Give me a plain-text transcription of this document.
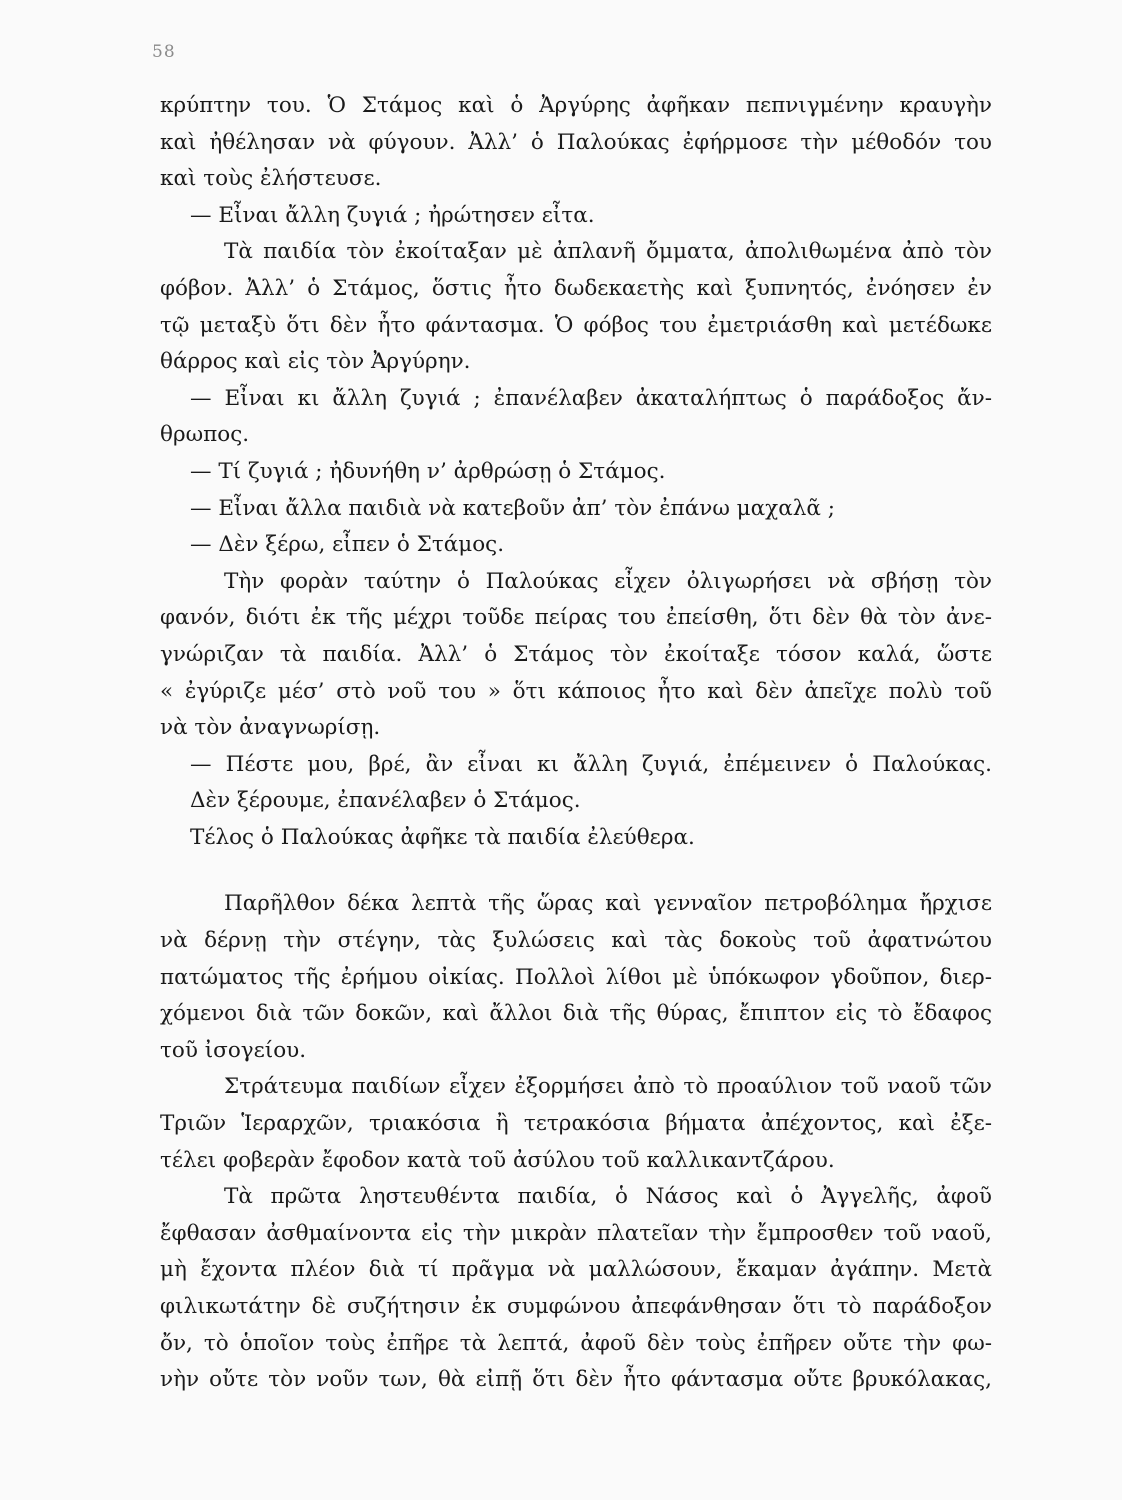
58
κρύπτην του. Ὁ Στάμος καὶ ὁ Ἀργύρης ἀφῆκαν πεπνιγμένην κραυγὴν
καὶ ἠθέλησαν νὰ φύγουν. Ἀλλ’ ὁ Παλούκας ἐφήρμοσε τὴν μέθοδόν του
καὶ τοὺς ἐλήστευσε.
— Εἶναι ἄλλη ζυγιά ; ἠρώτησεν εἶτα.
Τὰ παιδία τὸν ἐκοίταξαν μὲ ἀπλανῆ ὄμματα, ἀπολιθωμένα ἀπὸ τὸν
φόβον. Ἀλλ’ ὁ Στάμος, ὅστις ἦτο δωδεκαετὴς καὶ ξυπνητός, ἐνόησεν ἐν
τῷ μεταξὺ ὅτι δὲν ἦτο φάντασμα. Ὁ φόβος του ἐμετριάσθη καὶ μετέδωκε
θάρρος καὶ εἰς τὸν Ἀργύρην.
— Εἶναι κι ἄλλη ζυγιά ; ἐπανέλαβεν ἀκαταλήπτως ὁ παράδοξος ἄν-
θρωπος.
— Τί ζυγιά ; ἠδυνήθη ν’ ἀρθρώσῃ ὁ Στάμος.
— Εἶναι ἄλλα παιδιὰ νὰ κατεβοῦν ἀπ’ τὸν ἐπάνω μαχαλᾶ ;
— Δὲν ξέρω, εἶπεν ὁ Στάμος.
Τὴν φορὰν ταύτην ὁ Παλούκας εἶχεν ὀλιγωρήσει νὰ σβήσῃ τὸν
φανόν, διότι ἐκ τῆς μέχρι τοῦδε πείρας του ἐπείσθη, ὅτι δὲν θὰ τὸν ἀνε-
γνώριζαν τὰ παιδία. Ἀλλ’ ὁ Στάμος τὸν ἐκοίταξε τόσον καλά, ὥστε
« ἐγύριζε μέσ’ στὸ νοῦ του » ὅτι κάποιος ἦτο καὶ δὲν ἀπεῖχε πολὺ τοῦ
νὰ τὸν ἀναγνωρίσῃ.
— Πέστε μου, βρέ, ἂν εἶναι κι ἄλλη ζυγιά, ἐπέμεινεν ὁ Παλούκας.
Δὲν ξέρουμε, ἐπανέλαβεν ὁ Στάμος.
Τέλος ὁ Παλούκας ἀφῆκε τὰ παιδία ἐλεύθερα.
Παρῆλθον δέκα λεπτὰ τῆς ὥρας καὶ γενναῖον πετροβόλημα ἤρχισε
νὰ δέρνῃ τὴν στέγην, τὰς ξυλώσεις καὶ τὰς δοκοὺς τοῦ ἀφατνώτου
πατώματος τῆς ἐρήμου οἰκίας. Πολλοὶ λίθοι μὲ ὑπόκωφον γδοῦπον, διερ-
χόμενοι διὰ τῶν δοκῶν, καὶ ἄλλοι διὰ τῆς θύρας, ἔπιπτον εἰς τὸ ἔδαφος
τοῦ ἰσογείου.
Στράτευμα παιδίων εἶχεν ἐξορμήσει ἀπὸ τὸ προαύλιον τοῦ ναοῦ τῶν
Τριῶν Ἱεραρχῶν, τριακόσια ἢ τετρακόσια βήματα ἀπέχοντος, καὶ ἐξε-
τέλει φοβερὰν ἔφοδον κατὰ τοῦ ἀσύλου τοῦ καλλικαντζάρου.
Τὰ πρῶτα ληστευθέντα παιδία, ὁ Νάσος καὶ ὁ Ἀγγελῆς, ἀφοῦ
ἔφθασαν ἀσθμαίνοντα εἰς τὴν μικρὰν πλατεῖαν τὴν ἔμπροσθεν τοῦ ναοῦ,
μὴ ἔχοντα πλέον διὰ τί πρᾶγμα νὰ μαλλώσουν, ἔκαμαν ἀγάπην. Μετὰ
φιλικωτάτην δὲ συζήτησιν ἐκ συμφώνου ἀπεφάνθησαν ὅτι τὸ παράδοξον
ὄν, τὸ ὁποῖον τοὺς ἐπῆρε τὰ λεπτά, ἀφοῦ δὲν τοὺς ἐπῆρεν οὔτε τὴν φω-
νὴν οὔτε τὸν νοῦν των, θὰ εἰπῇ ὅτι δὲν ἦτο φάντασμα οὔτε βρυκόλακας,
